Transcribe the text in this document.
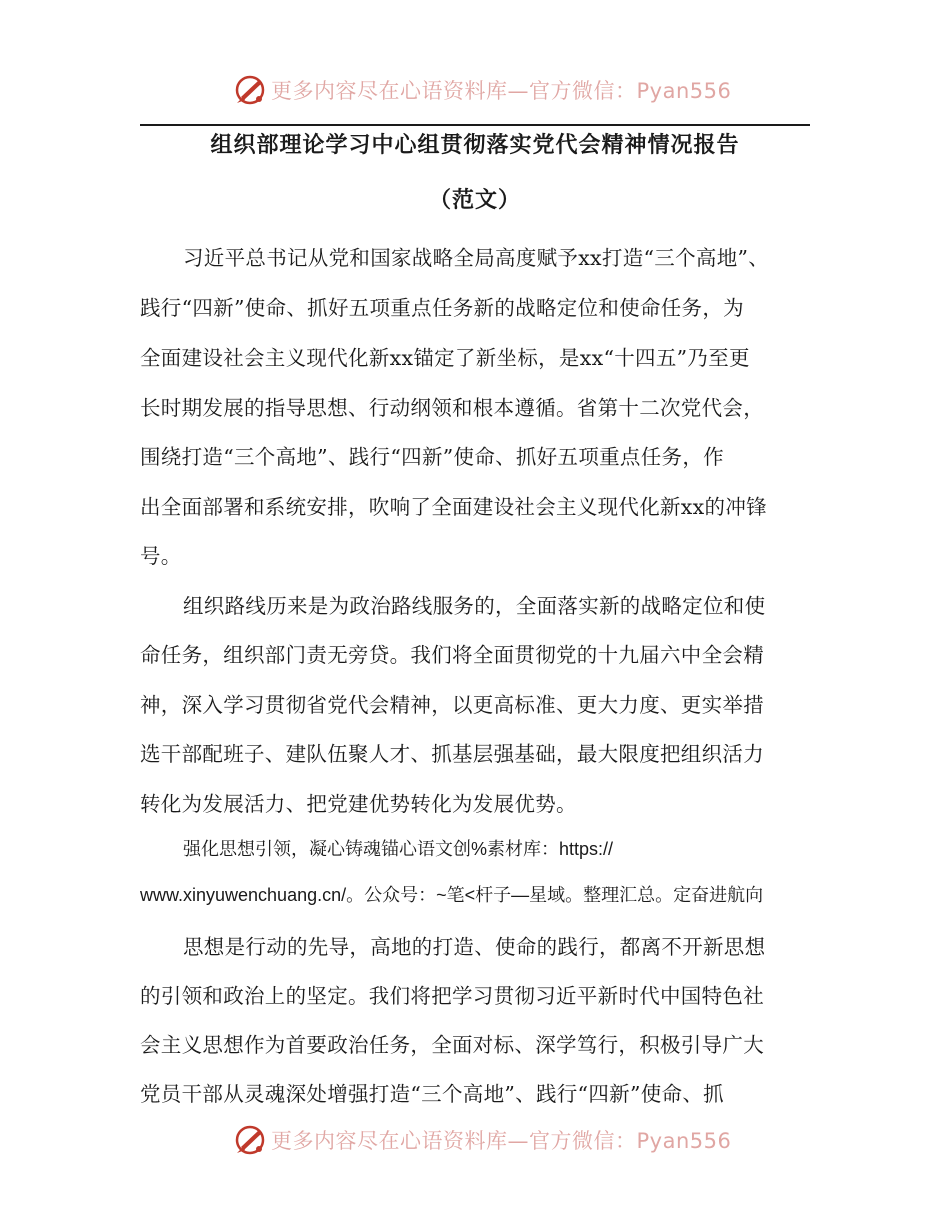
更多内容尽在心语资料库—官方微信：Pyan556
组织部理论学习中心组贯彻落实党代会精神情况报告
（范文）
习近平总书记从党和国家战略全局高度赋予xx打造“三个高地”、
践行“四新”使命、抓好五项重点任务新的战略定位和使命任务，为
全面建设社会主义现代化新xx锚定了新坐标，是xx“十四五”乃至更
长时期发展的指导思想、行动纲领和根本遵循。省第十二次党代会，
围绕打造“三个高地”、践行“四新”使命、抓好五项重点任务，作
出全面部署和系统安排，吹响了全面建设社会主义现代化新xx的冲锋
号。
组织路线历来是为政治路线服务的，全面落实新的战略定位和使
命任务，组织部门责无旁贷。我们将全面贯彻党的十九届六中全会精
神，深入学习贯彻省党代会精神，以更高标准、更大力度、更实举措
选干部配班子、建队伍聚人才、抓基层强基础，最大限度把组织活力
转化为发展活力、把党建优势转化为发展优势。
强化思想引领，凝心铸魂锚心语文创%素材库：https://
www.xinyuwenchuang.cn/。公众号：~笔<杆子—星域。整理汇总。定奋进航向
思想是行动的先导，高地的打造、使命的践行，都离不开新思想
的引领和政治上的坚定。我们将把学习贯彻习近平新时代中国特色社
会主义思想作为首要政治任务，全面对标、深学笃行，积极引导广大
党员干部从灵魂深处增强打造“三个高地”、践行“四新”使命、抓
更多内容尽在心语资料库—官方微信：Pyan556
